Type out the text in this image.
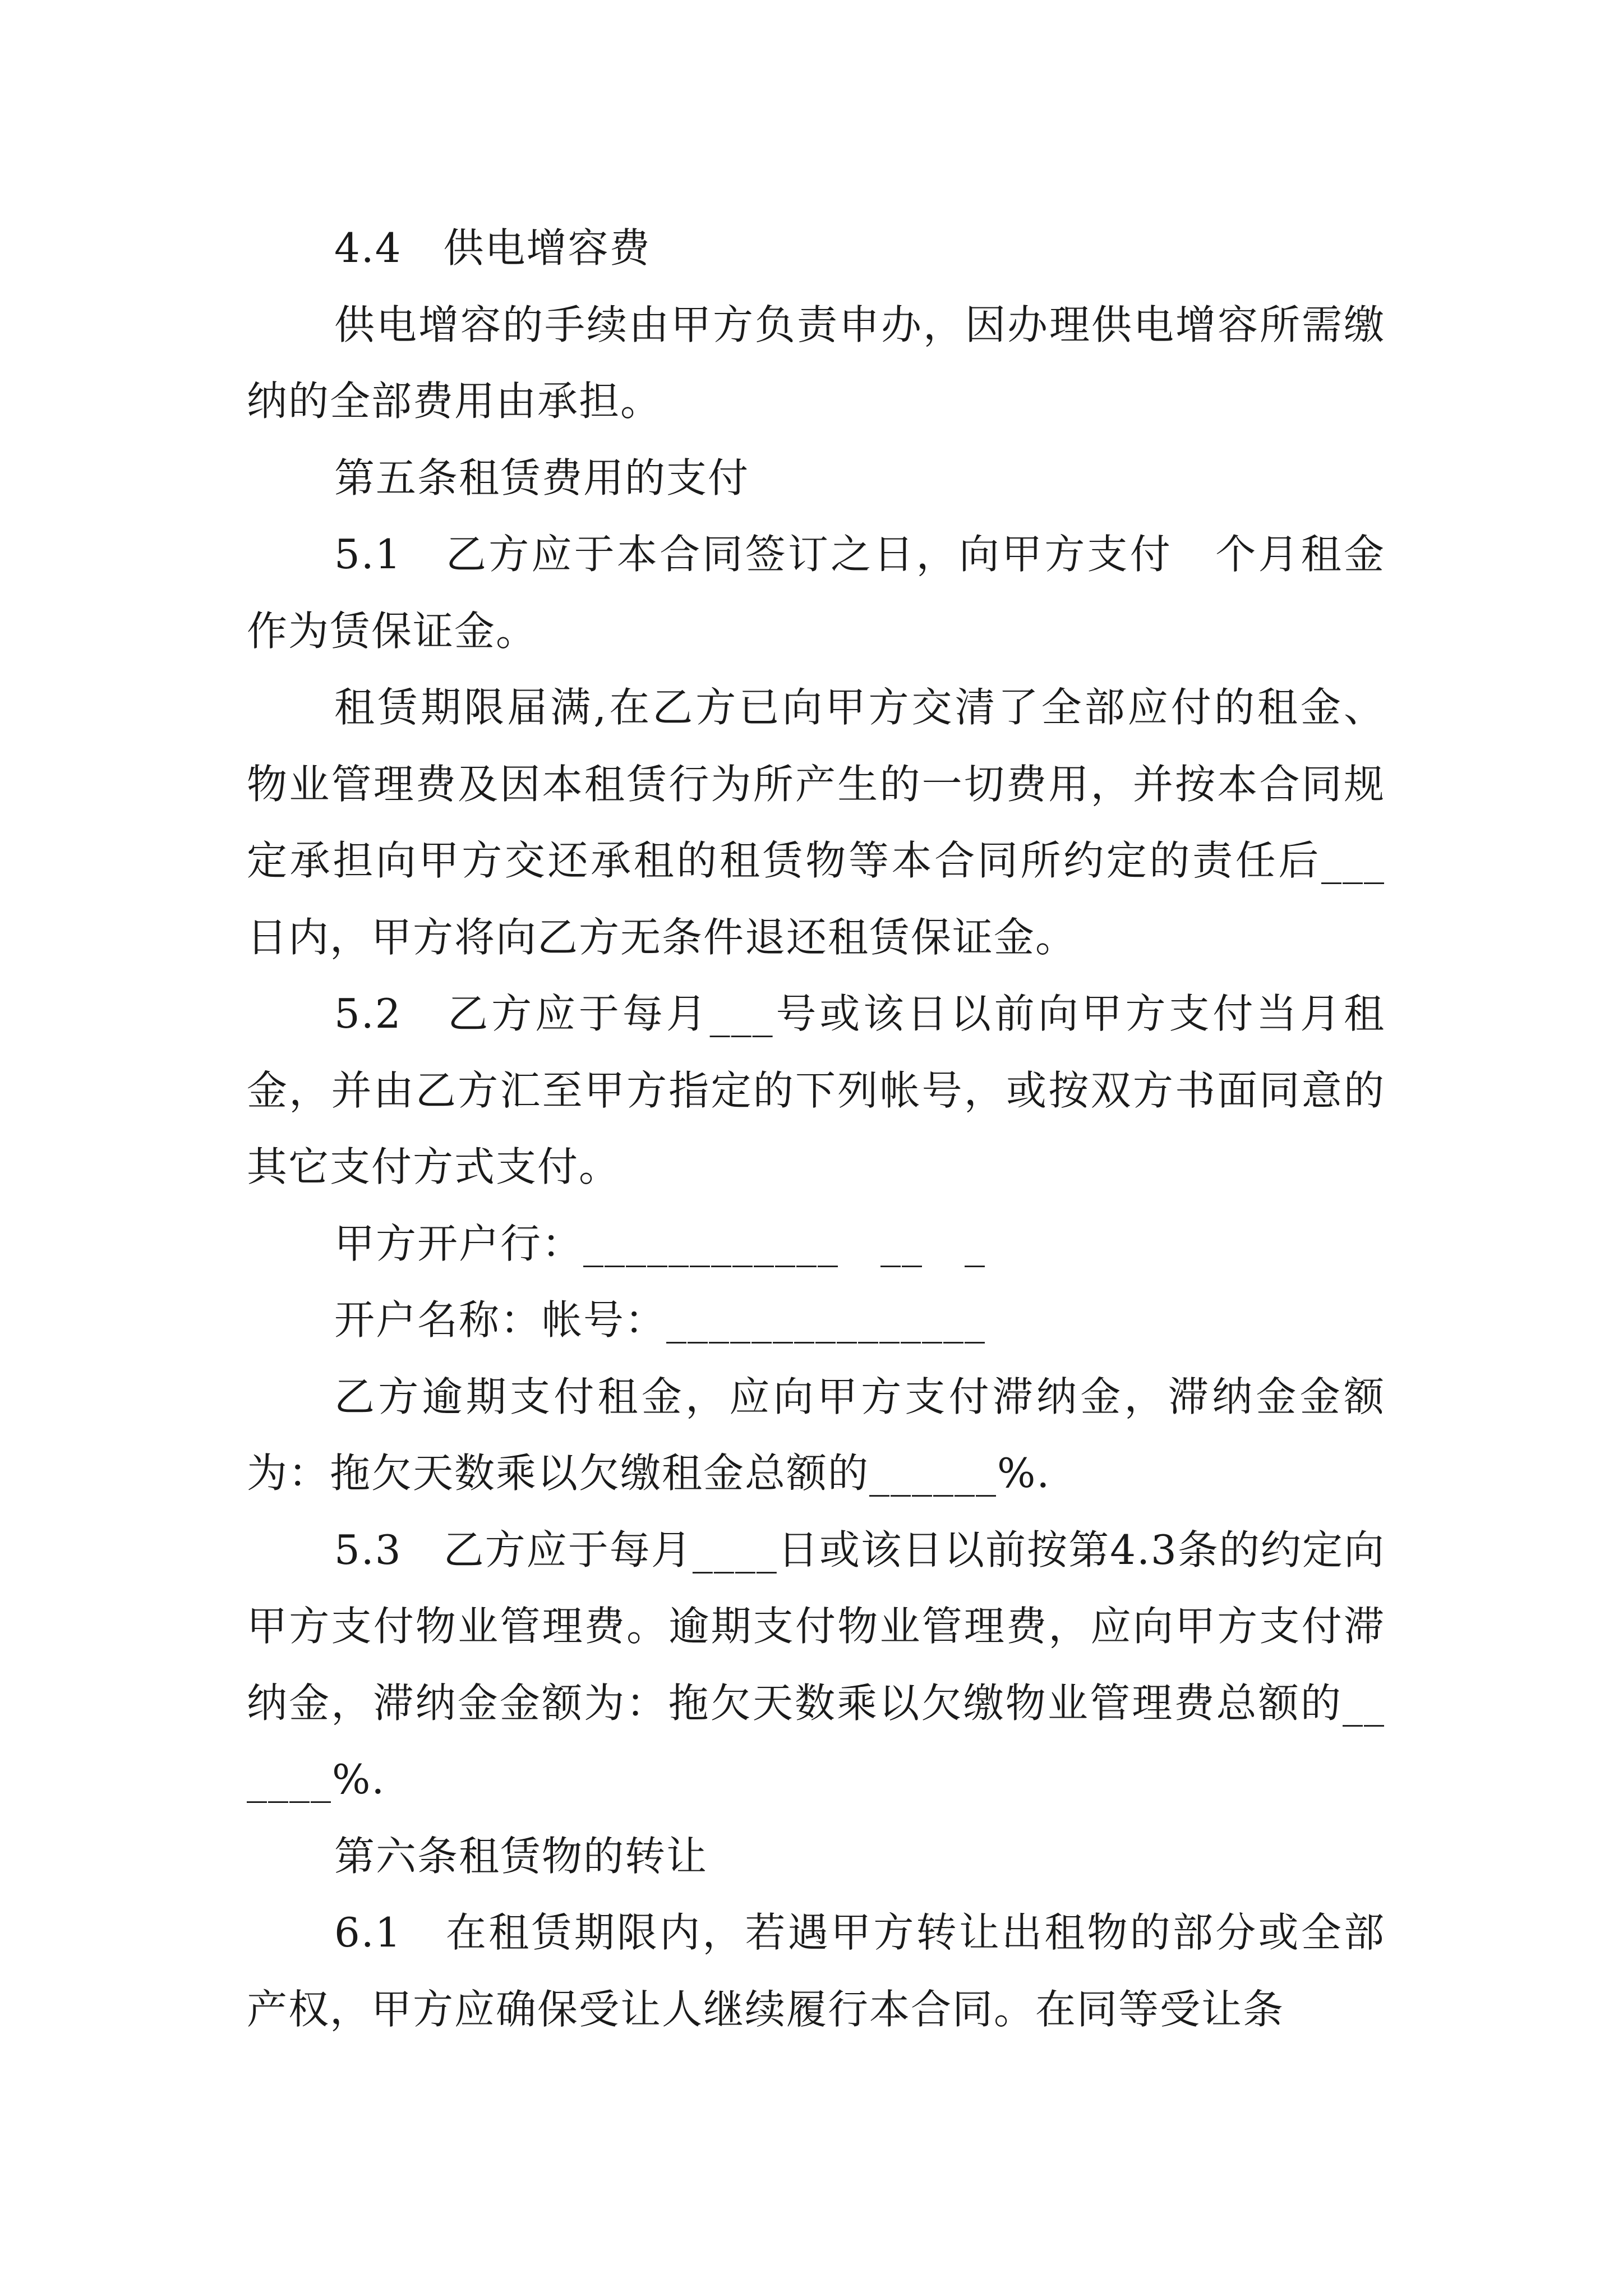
4.4　供电增容费

供电增容的手续由甲方负责申办，因办理供电增容所需缴纳的全部费用由承担。

第五条租赁费用的支付

5.1　乙方应于本合同签订之日，向甲方支付　个月租金作为赁保证金。

租赁期限届满,在乙方已向甲方交清了全部应付的租金、物业管理费及因本租赁行为所产生的一切费用，并按本合同规定承担向甲方交还承租的租赁物等本合同所约定的责任后___日内，甲方将向乙方无条件退还租赁保证金。

5.2　乙方应于每月___号或该日以前向甲方支付当月租金，并由乙方汇至甲方指定的下列帐号，或按双方书面同意的其它支付方式支付。

甲方开户行：____________　__　_

开户名称：帐号：_______________

乙方逾期支付租金，应向甲方支付滞纳金，滞纳金金额为：拖欠天数乘以欠缴租金总额的______%.

5.3　乙方应于每月____日或该日以前按第4.3条的约定向甲方支付物业管理费。逾期支付物业管理费，应向甲方支付滞纳金，滞纳金金额为：拖欠天数乘以欠缴物业管理费总额的______%.

第六条租赁物的转让

6.1　在租赁期限内，若遇甲方转让出租物的部分或全部产权，甲方应确保受让人继续履行本合同。在同等受让条
